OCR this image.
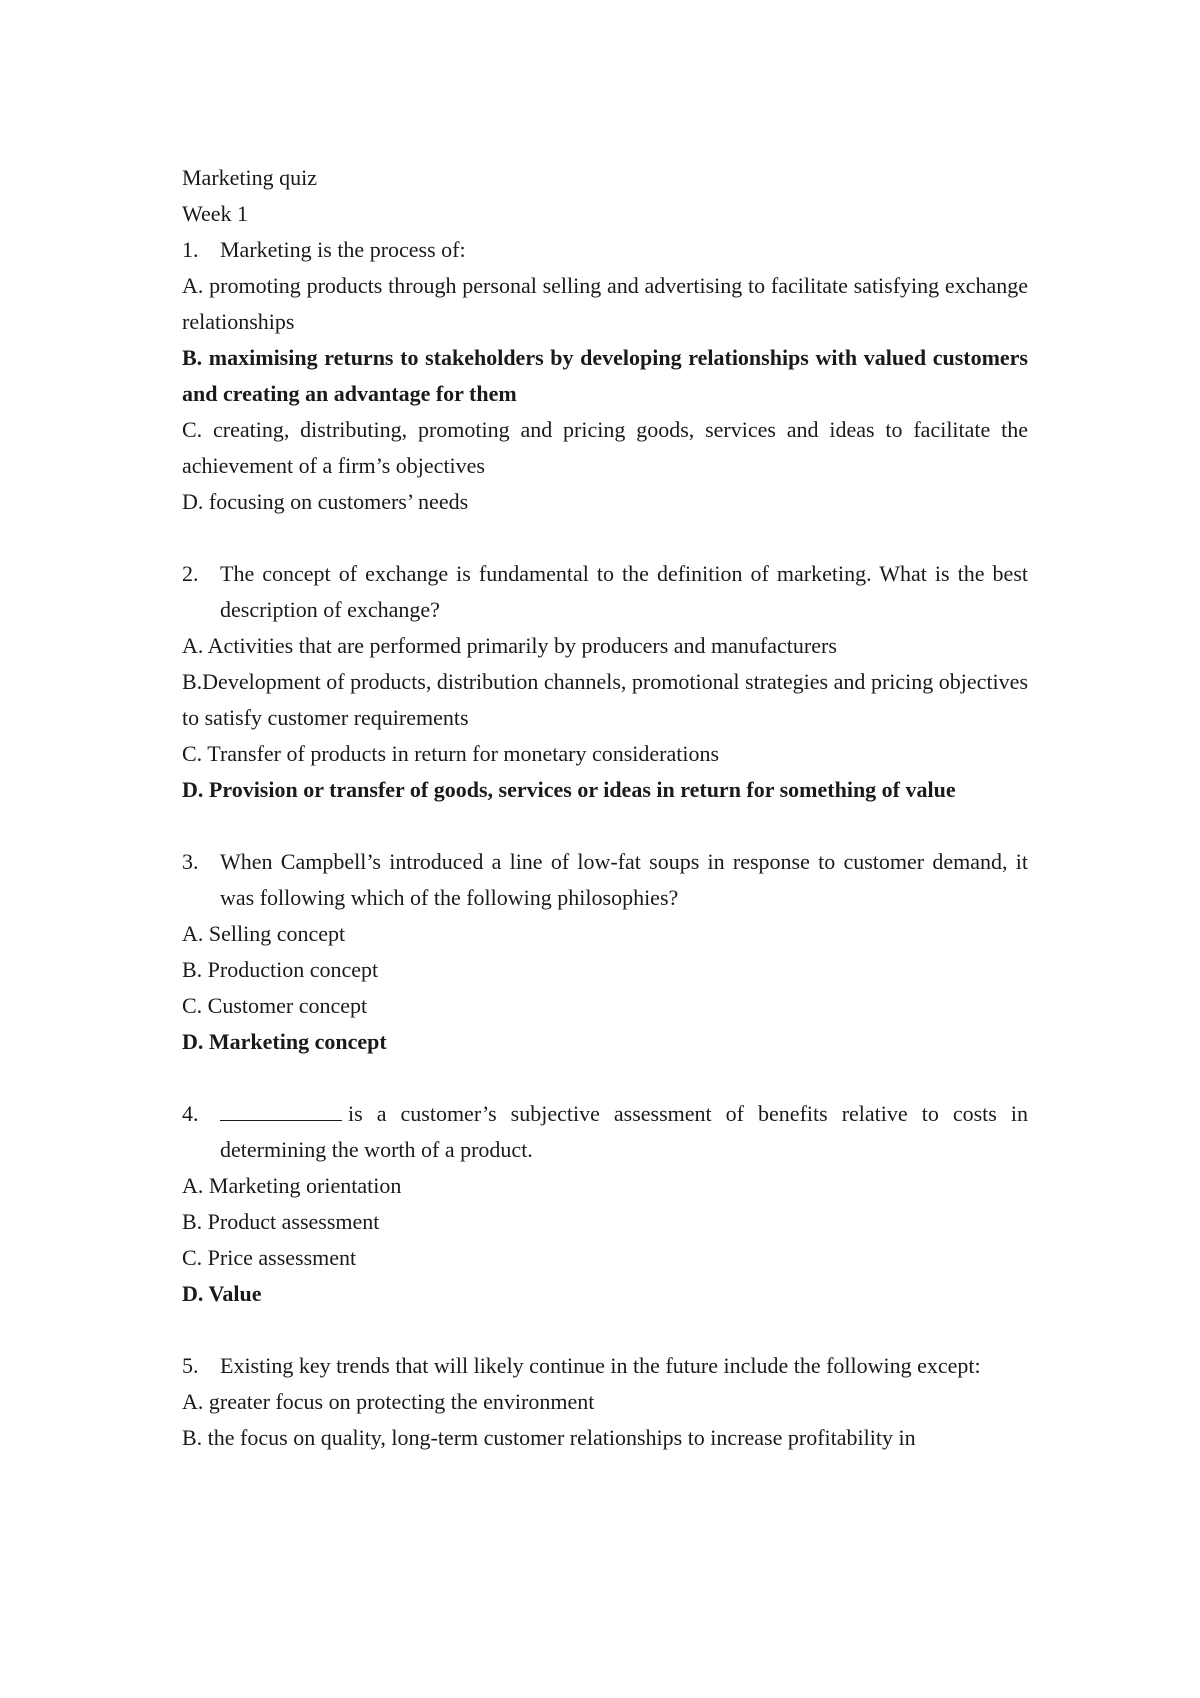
Marketing quiz

Week 1

1. Marketing is the process of:

A. promoting products through personal selling and advertising to facilitate satisfying exchange relationships

B. maximising returns to stakeholders by developing relationships with valued customers and creating an advantage for them

C. creating, distributing, promoting and pricing goods, services and ideas to facilitate the achievement of a firm’s objectives

D. focusing on customers’ needs

2. The concept of exchange is fundamental to the definition of marketing. What is the best description of exchange?

A. Activities that are performed primarily by producers and manufacturers

B.Development of products, distribution channels, promotional strategies and pricing objectives to satisfy customer requirements

C. Transfer of products in return for monetary considerations

D. Provision or transfer of goods, services or ideas in return for something of value

3. When Campbell’s introduced a line of low-fat soups in response to customer demand, it was following which of the following philosophies?

A. Selling concept

B. Production concept

C. Customer concept

D. Marketing concept

4.	is a customer’s subjective assessment of benefits relative to costs in determining the worth of a product.

A. Marketing orientation

B. Product assessment

C. Price assessment

D. Value

5. Existing key trends that will likely continue in the future include the following except:

A. greater focus on protecting the environment

B. the focus on quality, long-term customer relationships to increase profitability in
